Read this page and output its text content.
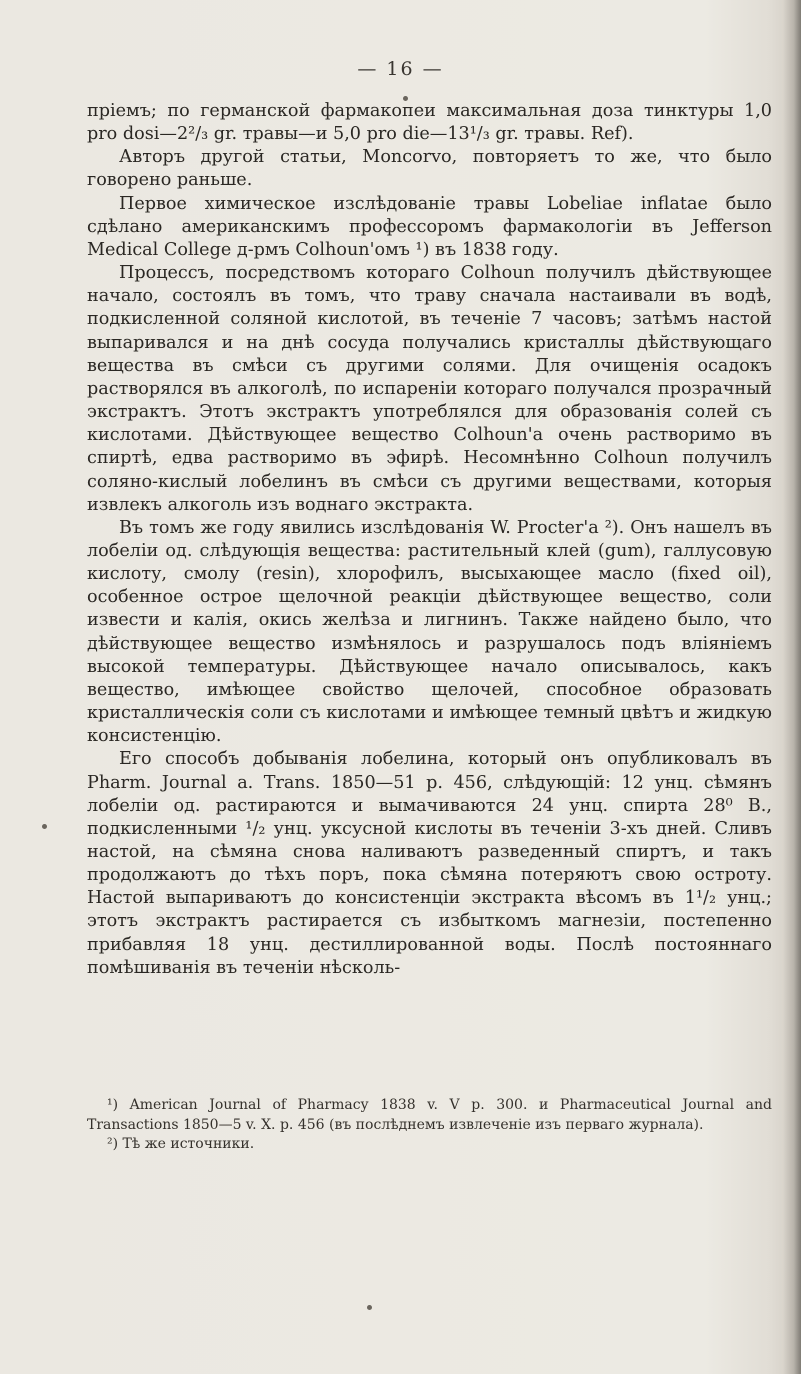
— 16 —

пріемъ; по германской фармакопеи максимальная доза тинктуры 1,0 pro dosi—2²/₃ gr. травы—и 5,0 pro die—13¹/₃ gr. травы. Ref).

Авторъ другой статьи, Moncorvo, повторяетъ то же, что было говорено раньше.

Первое химическое изслѣдованіе травы Lobeliae inflatae было сдѣлано американскимъ профессоромъ фармакологіи въ Jefferson Medical College д-рмъ Colhoun'омъ ¹) въ 1838 году.

Процессъ, посредствомъ котораго Colhoun получилъ дѣйствующее начало, состоялъ въ томъ, что траву сначала настаивали въ водѣ, подкисленной соляной кислотой, въ теченіе 7 часовъ; затѣмъ настой выпаривался и на днѣ сосуда получались кристаллы дѣйствующаго вещества въ смѣси съ другими солями. Для очищенія осадокъ растворялся въ алкоголѣ, по испареніи котораго получался прозрачный экстрактъ. Этотъ экстрактъ употреблялся для образованія солей съ кислотами. Дѣйствующее вещество Colhoun'а очень растворимо въ спиртѣ, едва растворимо въ эфирѣ. Несомнѣнно Colhoun получилъ соляно-кислый лобелинъ въ смѣси съ другими веществами, которыя извлекъ алкоголь изъ воднаго экстракта.

Въ томъ же году явились изслѣдованія W. Procter'а ²). Онъ нашелъ въ лобеліи од. слѣдующія вещества: растительный клей (gum), галлусовую кислоту, смолу (resin), хлорофилъ, высыхающее масло (fixed oil), особенное острое щелочной реакціи дѣйствующее вещество, соли извести и калія, окись желѣза и лигнинъ. Также найдено было, что дѣйствующее вещество измѣнялось и разрушалось подъ вліяніемъ высокой температуры. Дѣйствующее начало описывалось, какъ вещество, имѣющее свойство щелочей, способное образовать кристаллическія соли съ кислотами и имѣющее темный цвѣтъ и жидкую консистенцію.

Его способъ добыванія лобелина, который онъ опубликовалъ въ Pharm. Journal a. Trans. 1850—51 р. 456, слѣдующій: 12 унц. сѣмянъ лобеліи од. растираются и вымачиваются 24 унц. спирта 28⁰ В., подкисленными ¹/₂ унц. уксусной кислоты въ теченіи 3-хъ дней. Сливъ настой, на сѣмяна снова наливаютъ разведенный спиртъ, и такъ продолжаютъ до тѣхъ поръ, пока сѣмяна потеряютъ свою остроту. Настой выпариваютъ до консистенціи экстракта вѣсомъ въ 1¹/₂ унц.; этотъ экстрактъ растирается съ избыткомъ магнезіи, постепенно прибавляя 18 унц. дестиллированной воды. Послѣ постояннаго помѣшиванія въ теченіи нѣсколь-

¹) American Journal of Pharmacy 1838 v. V p. 300. и Pharmaceutical Journal and Transactions 1850—5 v. X. p. 456 (въ послѣднемъ извлеченіе изъ перваго журнала).

²) Тѣ же источники.
